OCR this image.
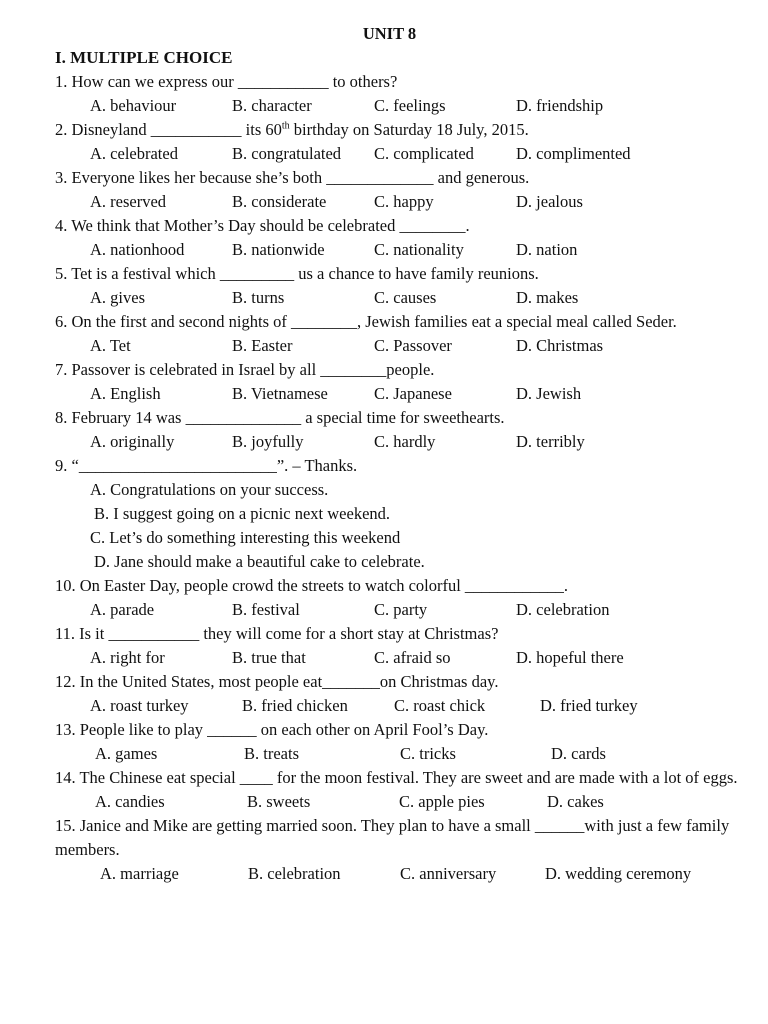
UNIT 8
I. MULTIPLE CHOICE
1. How can we express our ___________ to others?
A. behaviour	B. character	C. feelings	D. friendship
2. Disneyland ___________ its 60th birthday on Saturday 18 July, 2015.
A. celebrated	B. congratulated	C. complicated	D. complimented
3. Everyone likes her because she’s both _____________ and generous.
A. reserved	B. considerate	C. happy	D. jealous
4. We think that Mother’s Day should be celebrated ________.
A. nationhood	B. nationwide	C. nationality	D. nation
5. Tet is a festival which _________ us a chance to have family reunions.
A. gives	B. turns	C. causes	D. makes
6. On the first and second nights of ________, Jewish families eat a special meal called Seder.
A. Tet	B. Easter	C. Passover	D. Christmas
7. Passover is celebrated in Israel by all ________people.
A. English	B. Vietnamese	C. Japanese	D. Jewish
8. February 14 was ______________ a special time for sweethearts.
A. originally	B. joyfully	C. hardly	D. terribly
9. “________________________”. – Thanks.
A. Congratulations on your success.
B. I suggest going on a picnic next weekend.
C. Let’s do something interesting this weekend
D. Jane should make a beautiful cake to celebrate.
10. On Easter Day, people crowd the streets to watch colorful ____________.
A. parade	B. festival	C. party	D. celebration
11. Is it ___________ they will come for a short stay at Christmas?
A. right for	B. true that	C. afraid so	D. hopeful there
12. In the United States, most people eat_______on Christmas day.
A. roast turkey	B. fried chicken	C. roast chick	D. fried turkey
13. People like to play ______ on each other on April Fool’s Day.
A. games	B. treats	C. tricks	D. cards
14. The Chinese eat special ____ for the moon festival. They are sweet and are made with a lot of eggs.
A. candies	B. sweets	C. apple pies	D. cakes
15. Janice and Mike are getting married soon. They plan to have a small ______with just a few family members.
A. marriage	B. celebration	C. anniversary	D. wedding ceremony
